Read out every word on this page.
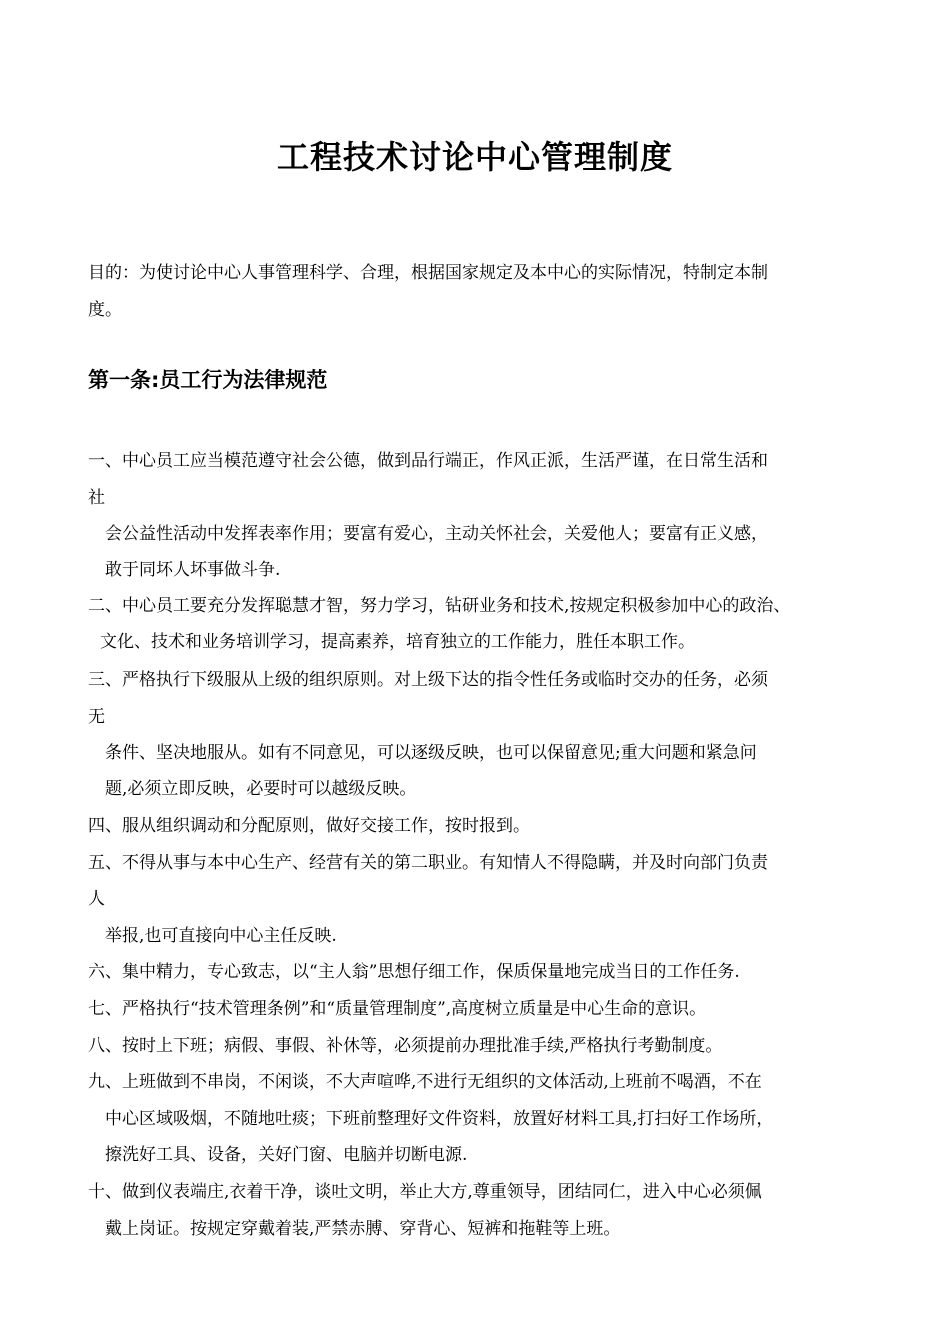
工程技术讨论中心管理制度
目的：为使讨论中心人事管理科学、合理，根据国家规定及本中心的实际情况，特制定本制
度。
第一条:员工行为法律规范
一、中心员工应当模范遵守社会公德，做到品行端正，作风正派，生活严谨，在日常生活和
社
会公益性活动中发挥表率作用；要富有爱心，主动关怀社会，关爱他人；要富有正义感，
敢于同坏人坏事做斗争.
二、中心员工要充分发挥聪慧才智，努力学习，钻研业务和技术,按规定积极参加中心的政治、
文化、技术和业务培训学习，提高素养，培育独立的工作能力，胜任本职工作。
三、严格执行下级服从上级的组织原则。对上级下达的指令性任务或临时交办的任务，必须
无
条件、坚决地服从。如有不同意见，可以逐级反映，也可以保留意见;重大问题和紧急问
题,必须立即反映，必要时可以越级反映。
四、服从组织调动和分配原则，做好交接工作，按时报到。
五、不得从事与本中心生产、经营有关的第二职业。有知情人不得隐瞒，并及时向部门负责
人
举报,也可直接向中心主任反映.
六、集中精力，专心致志，以“主人翁”思想仔细工作，保质保量地完成当日的工作任务.
七、严格执行“技术管理条例”和“质量管理制度”,高度树立质量是中心生命的意识。
八、按时上下班；病假、事假、补休等，必须提前办理批准手续,严格执行考勤制度。
九、上班做到不串岗，不闲谈，不大声喧哗,不进行无组织的文体活动,上班前不喝酒，不在
中心区域吸烟，不随地吐痰；下班前整理好文件资料，放置好材料工具,打扫好工作场所，
擦洗好工具、设备，关好门窗、电脑并切断电源.
十、做到仪表端庄,衣着干净，谈吐文明，举止大方,尊重领导，团结同仁，进入中心必须佩
戴上岗证。按规定穿戴着装,严禁赤膊、穿背心、短裤和拖鞋等上班。
